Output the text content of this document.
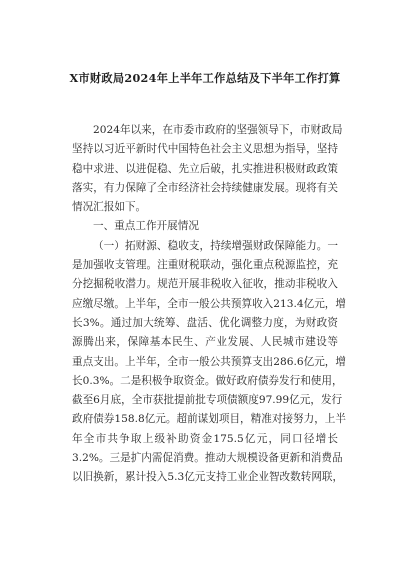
X市财政局2024年上半年工作总结及下半年工作打算
2024年以来，在市委市政府的坚强领导下，市财政局
坚持以习近平新时代中国特色社会主义思想为指导，坚持
稳中求进、以进促稳、先立后破，扎实推进积极财政政策
落实，有力保障了全市经济社会持续健康发展。现将有关
情况汇报如下。
一、重点工作开展情况
（一）拓财源、稳收支，持续增强财政保障能力。一
是加强收支管理。注重财税联动，强化重点税源监控，充
分挖掘税收潜力。规范开展非税收入征收，推动非税收入
应缴尽缴。上半年，全市一般公共预算收入213.4亿元，增
长3%。通过加大统筹、盘活、优化调整力度，为财政资
源腾出来，保障基本民生、产业发展、人民城市建设等
重点支出。上半年，全市一般公共预算支出286.6亿元，增
长0.3%。二是积极争取资金。做好政府债券发行和使用，
截至6月底，全市获批提前批专项债额度97.99亿元，发行
政府债券158.8亿元。超前谋划项目，精准对接努力，上半
年全市共争取上级补助资金175.5亿元，同口径增长
3.2%。三是扩内需促消费。推动大规模设备更新和消费品
以旧换新，累计投入5.3亿元支持工业企业智改数转网联，
